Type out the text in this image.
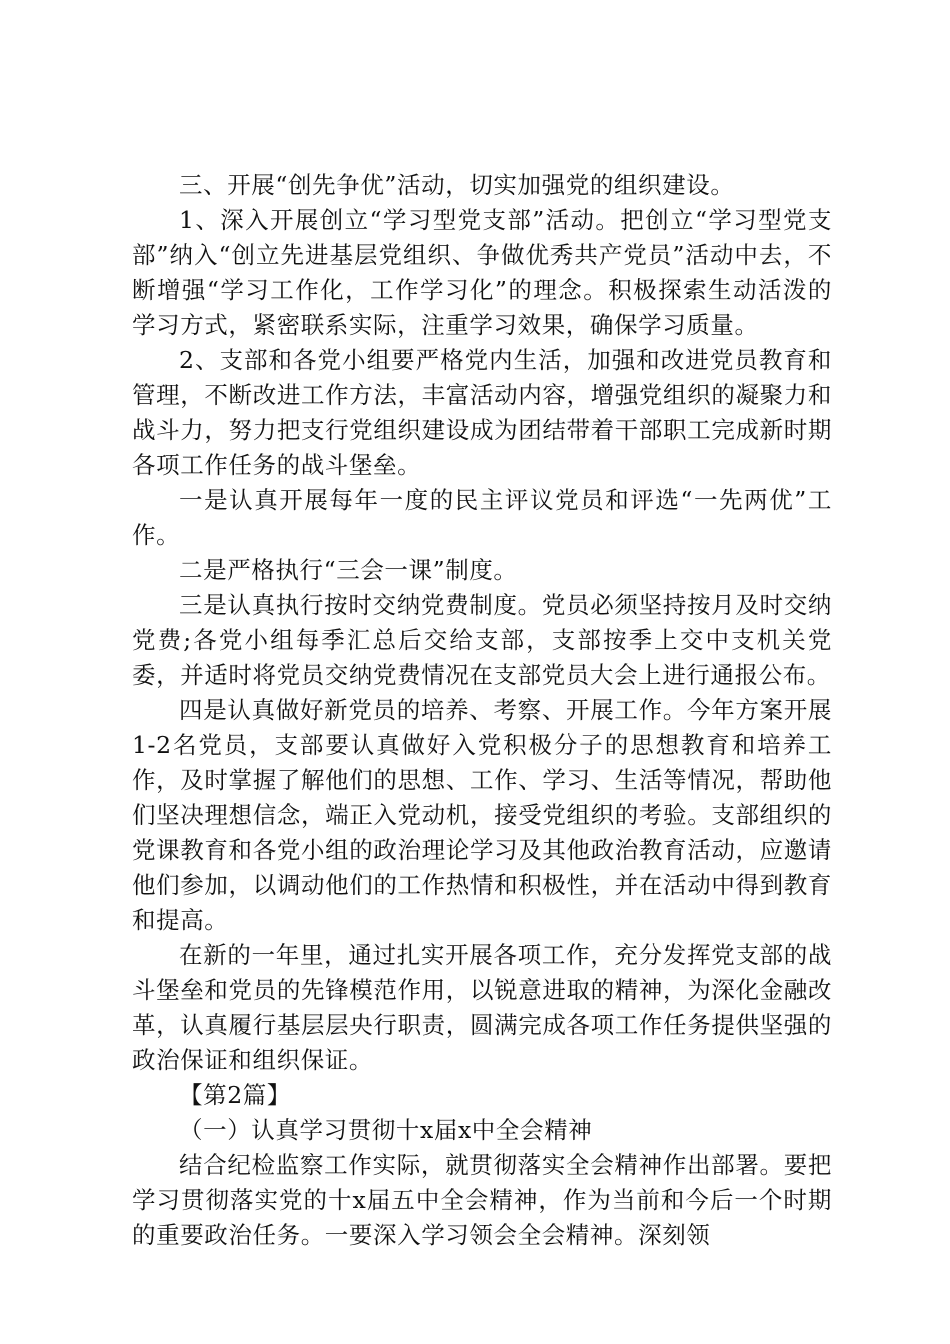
三、开展“创先争优”活动，切实加强党的组织建设。

1、深入开展创立“学习型党支部”活动。把创立“学习型党支部”纳入“创立先进基层党组织、争做优秀共产党员”活动中去，不断增强“学习工作化，工作学习化”的理念。积极探索生动活泼的学习方式，紧密联系实际，注重学习效果，确保学习质量。

2、支部和各党小组要严格党内生活，加强和改进党员教育和管理，不断改进工作方法，丰富活动内容，增强党组织的凝聚力和战斗力，努力把支行党组织建设成为团结带着干部职工完成新时期各项工作任务的战斗堡垒。

一是认真开展每年一度的民主评议党员和评选“一先两优”工作。

二是严格执行“三会一课”制度。

三是认真执行按时交纳党费制度。党员必须坚持按月及时交纳党费;各党小组每季汇总后交给支部，支部按季上交中支机关党委，并适时将党员交纳党费情况在支部党员大会上进行通报公布。

四是认真做好新党员的培养、考察、开展工作。今年方案开展1-2名党员，支部要认真做好入党积极分子的思想教育和培养工作，及时掌握了解他们的思想、工作、学习、生活等情况，帮助他们坚决理想信念，端正入党动机，接受党组织的考验。支部组织的党课教育和各党小组的政治理论学习及其他政治教育活动，应邀请他们参加，以调动他们的工作热情和积极性，并在活动中得到教育和提高。

在新的一年里，通过扎实开展各项工作，充分发挥党支部的战斗堡垒和党员的先锋模范作用，以锐意进取的精神，为深化金融改革，认真履行基层层央行职责，圆满完成各项工作任务提供坚强的政治保证和组织保证。

【第2篇】

（一）认真学习贯彻十x届x中全会精神

结合纪检监察工作实际，就贯彻落实全会精神作出部署。要把学习贯彻落实党的十x届五中全会精神，作为当前和今后一个时期的重要政治任务。一要深入学习领会全会精神。深刻领
